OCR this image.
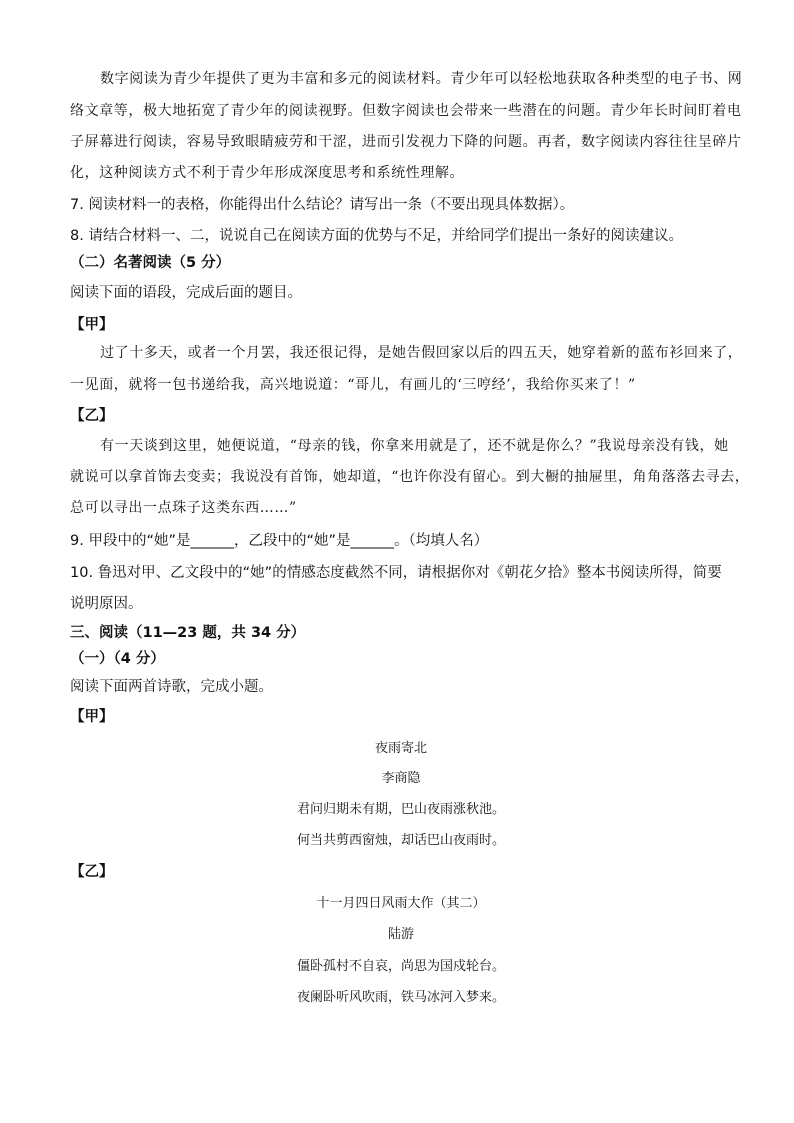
数字阅读为青少年提供了更为丰富和多元的阅读材料。青少年可以轻松地获取各种类型的电子书、网
络文章等，极大地拓宽了青少年的阅读视野。但数字阅读也会带来一些潜在的问题。青少年长时间盯着电
子屏幕进行阅读，容易导致眼睛疲劳和干涩，进而引发视力下降的问题。再者，数字阅读内容往往呈碎片
化，这种阅读方式不利于青少年形成深度思考和系统性理解。
7. 阅读材料一的表格，你能得出什么结论？请写出一条（不要出现具体数据）。
8. 请结合材料一、二，说说自己在阅读方面的优势与不足，并给同学们提出一条好的阅读建议。
（二）名著阅读（5 分）
阅读下面的语段，完成后面的题目。
【甲】
过了十多天，或者一个月罢，我还很记得，是她告假回家以后的四五天，她穿着新的蓝布衫回来了，
一见面，就将一包书递给我，高兴地说道：“哥儿，有画儿的‘三哼经’，我给你买来了！”
【乙】
有一天谈到这里，她便说道，“母亲的钱，你拿来用就是了，还不就是你么？”我说母亲没有钱，她
就说可以拿首饰去变卖；我说没有首饰，她却道，“也许你没有留心。到大橱的抽屉里，角角落落去寻去，
总可以寻出一点珠子这类东西……”
9. 甲段中的“她”是______，乙段中的“她”是______。（均填人名）
10. 鲁迅对甲、乙文段中的“她”的情感态度截然不同，请根据你对《朝花夕拾》整本书阅读所得，简要
说明原因。
三、阅读（11—23 题，共 34 分）
（一）（4 分）
阅读下面两首诗歌，完成小题。
【甲】
夜雨寄北
李商隐
君问归期未有期，巴山夜雨涨秋池。
何当共剪西窗烛，却话巴山夜雨时。
【乙】
十一月四日风雨大作（其二）
陆游
僵卧孤村不自哀，尚思为国戍轮台。
夜阑卧听风吹雨，铁马冰河入梦来。
